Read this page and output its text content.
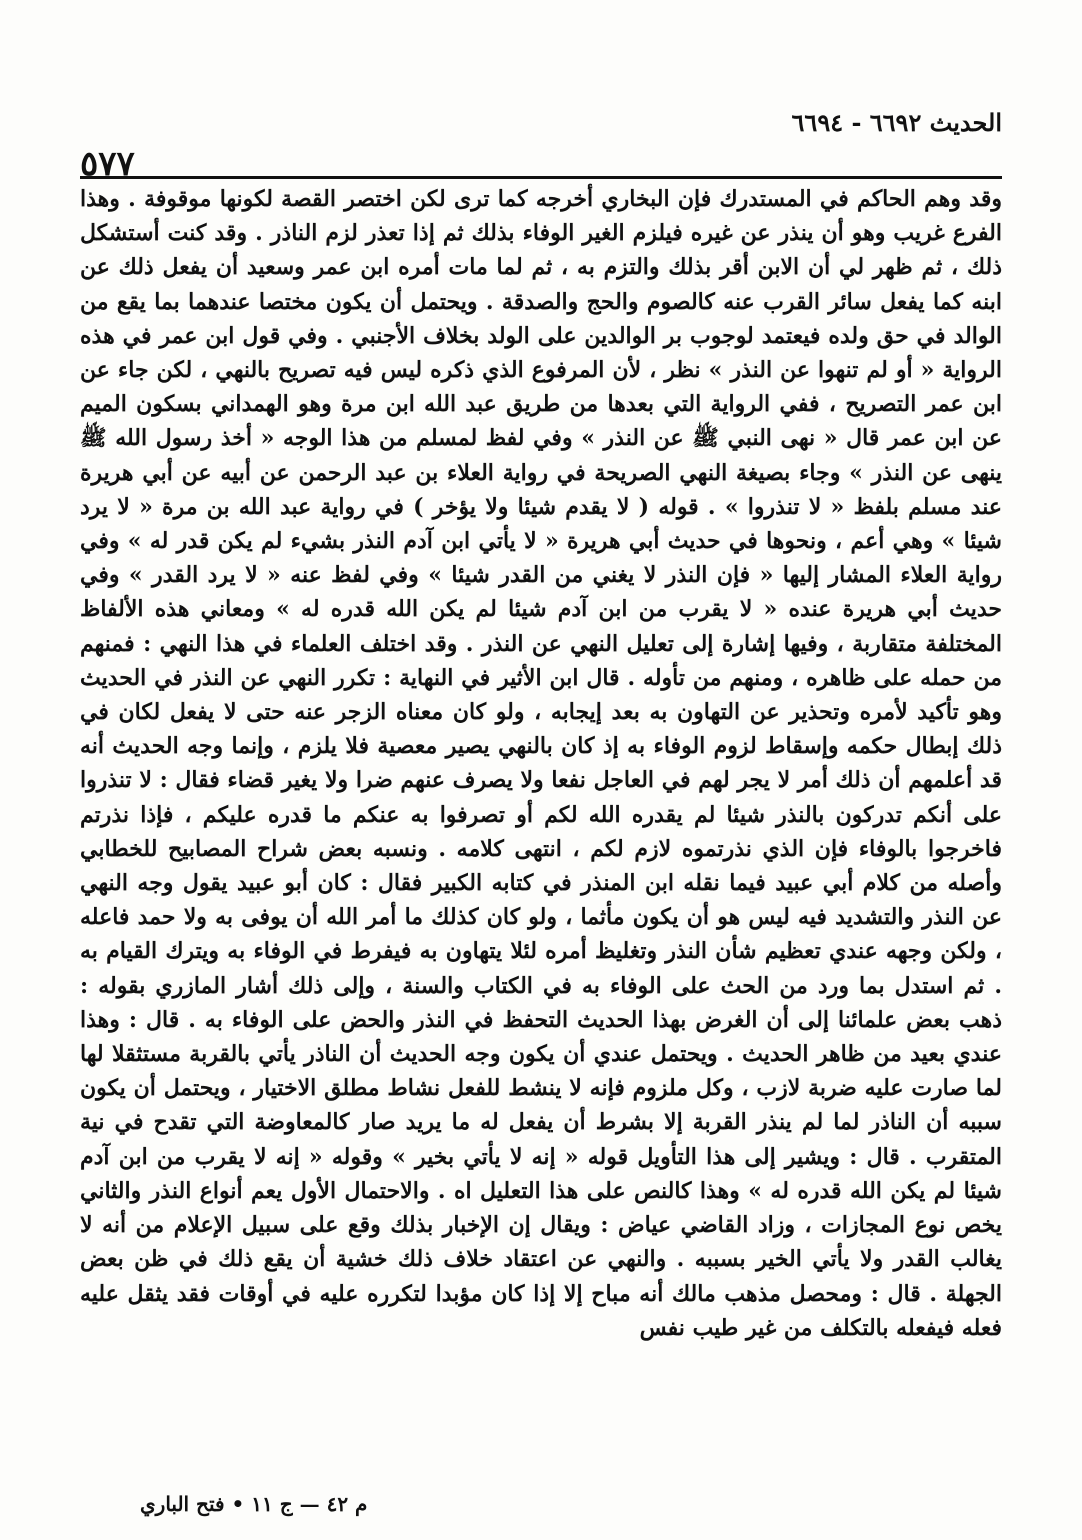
الحديث ٦٦٩٢ - ٦٦٩٤
٥٧٧

وقد وهم الحاكم في المستدرك فإن البخاري أخرجه كما ترى لكن اختصر القصة لكونها موقوفة . وهذا الفرع غريب وهو أن ينذر عن غيره فيلزم الغير الوفاء بذلك ثم إذا تعذر لزم الناذر . وقد كنت أستشكل ذلك ، ثم ظهر لي أن الابن أقر بذلك والتزم به ، ثم لما مات أمره ابن عمر وسعيد أن يفعل ذلك عن ابنه كما يفعل سائر القرب عنه كالصوم والحج والصدقة . ويحتمل أن يكون مختصا عندهما بما يقع من الوالد في حق ولده فيعتمد لوجوب بر الوالدين على الولد بخلاف الأجنبي . وفي قول ابن عمر في هذه الرواية « أو لم تنهوا عن النذر » نظر ، لأن المرفوع الذي ذكره ليس فيه تصريح بالنهي ، لكن جاء عن ابن عمر التصريح ، ففي الرواية التي بعدها من طريق عبد الله ابن مرة وهو الهمداني بسكون الميم عن ابن عمر قال « نهى النبي ﷺ عن النذر » وفي لفظ لمسلم من هذا الوجه « أخذ رسول الله ﷺ ينهى عن النذر » وجاء بصيغة النهي الصريحة في رواية العلاء بن عبد الرحمن عن أبيه عن أبي هريرة عند مسلم بلفظ « لا تنذروا » . قوله ( لا يقدم شيئا ولا يؤخر ) في رواية عبد الله بن مرة « لا يرد شيئا » وهي أعم ، ونحوها في حديث أبي هريرة « لا يأتي ابن آدم النذر بشيء لم يكن قدر له » وفي رواية العلاء المشار إليها « فإن النذر لا يغني من القدر شيئا » وفي لفظ عنه « لا يرد القدر » وفي حديث أبي هريرة عنده « لا يقرب من ابن آدم شيئا لم يكن الله قدره له » ومعاني هذه الألفاظ المختلفة متقاربة ، وفيها إشارة إلى تعليل النهي عن النذر . وقد اختلف العلماء في هذا النهي : فمنهم من حمله على ظاهره ، ومنهم من تأوله . قال ابن الأثير في النهاية : تكرر النهي عن النذر في الحديث وهو تأكيد لأمره وتحذير عن التهاون به بعد إيجابه ، ولو كان معناه الزجر عنه حتى لا يفعل لكان في ذلك إبطال حكمه وإسقاط لزوم الوفاء به إذ كان بالنهي يصير معصية فلا يلزم ، وإنما وجه الحديث أنه قد أعلمهم أن ذلك أمر لا يجر لهم في العاجل نفعا ولا يصرف عنهم ضرا ولا يغير قضاء فقال : لا تنذروا على أنكم تدركون بالنذر شيئا لم يقدره الله لكم أو تصرفوا به عنكم ما قدره عليكم ، فإذا نذرتم فاخرجوا بالوفاء فإن الذي نذرتموه لازم لكم ، انتهى كلامه . ونسبه بعض شراح المصابيح للخطابي وأصله من كلام أبي عبيد فيما نقله ابن المنذر في كتابه الكبير فقال : كان أبو عبيد يقول وجه النهي عن النذر والتشديد فيه ليس هو أن يكون مأثما ، ولو كان كذلك ما أمر الله أن يوفى به ولا حمد فاعله ، ولكن وجهه عندي تعظيم شأن النذر وتغليظ أمره لئلا يتهاون به فيفرط في الوفاء به ويترك القيام به . ثم استدل بما ورد من الحث على الوفاء به في الكتاب والسنة ، وإلى ذلك أشار المازري بقوله : ذهب بعض علمائنا إلى أن الغرض بهذا الحديث التحفظ في النذر والحض على الوفاء به . قال : وهذا عندي بعيد من ظاهر الحديث . ويحتمل عندي أن يكون وجه الحديث أن الناذر يأتي بالقربة مستثقلا لها لما صارت عليه ضربة لازب ، وكل ملزوم فإنه لا ينشط للفعل نشاط مطلق الاختيار ، ويحتمل أن يكون سببه أن الناذر لما لم ينذر القربة إلا بشرط أن يفعل له ما يريد صار كالمعاوضة التي تقدح في نية المتقرب . قال : ويشير إلى هذا التأويل قوله « إنه لا يأتي بخير » وقوله « إنه لا يقرب من ابن آدم شيئا لم يكن الله قدره له » وهذا كالنص على هذا التعليل اه . والاحتمال الأول يعم أنواع النذر والثاني يخص نوع المجازات ، وزاد القاضي عياض : ويقال إن الإخبار بذلك وقع على سبيل الإعلام من أنه لا يغالب القدر ولا يأتي الخير بسببه . والنهي عن اعتقاد خلاف ذلك خشية أن يقع ذلك في ظن بعض الجهلة . قال : ومحصل مذهب مالك أنه مباح إلا إذا كان مؤبدا لتكرره عليه في أوقات فقد يثقل عليه فعله فيفعله بالتكلف من غير طيب نفس

م ٤٢ — ج ١١ • فتح الباري
